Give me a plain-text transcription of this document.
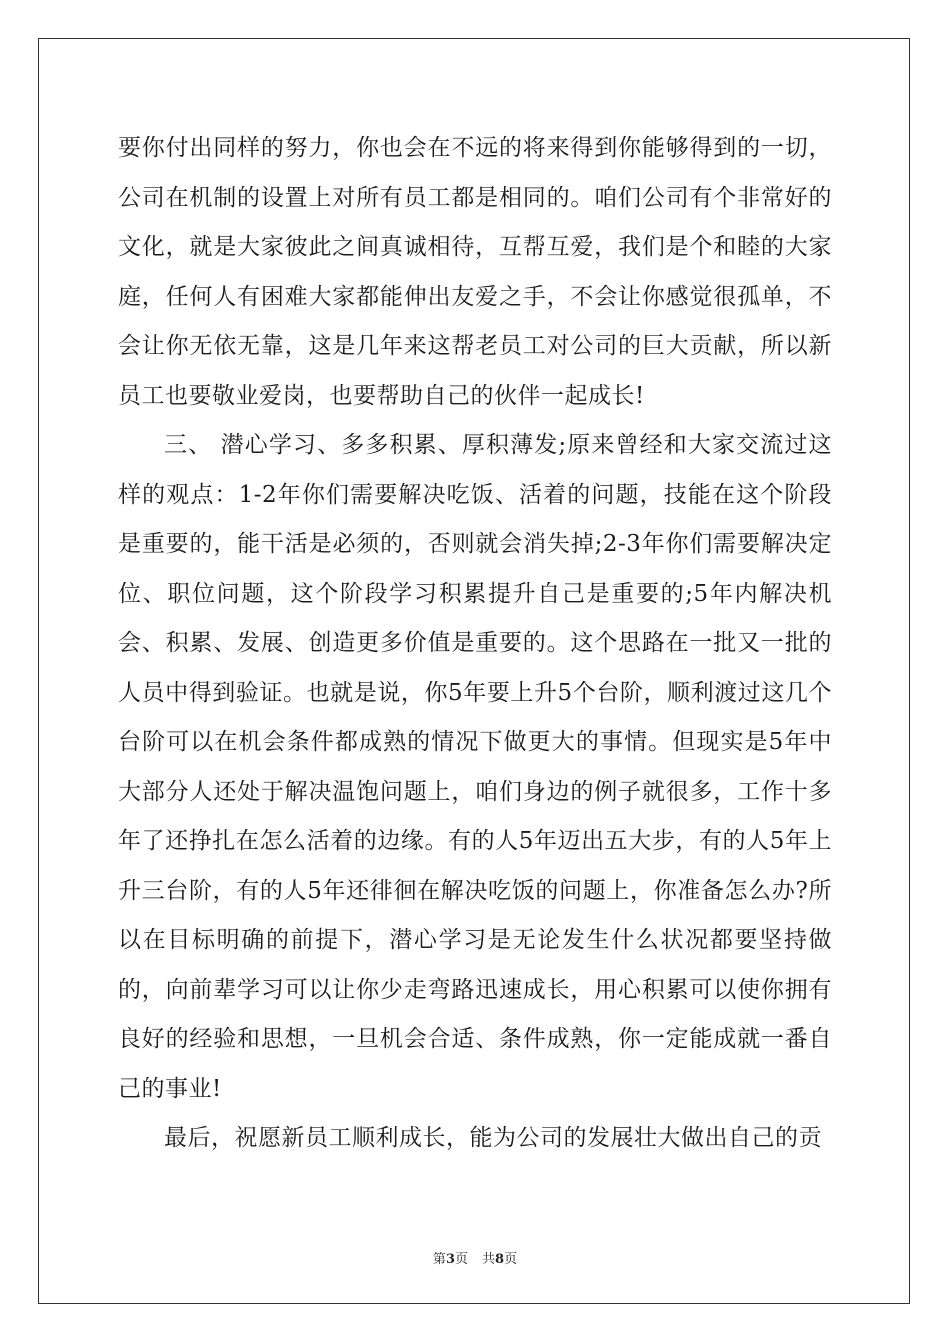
要你付出同样的努力，你也会在不远的将来得到你能够得到的一切，公司在机制的设置上对所有员工都是相同的。咱们公司有个非常好的文化，就是大家彼此之间真诚相待，互帮互爱，我们是个和睦的大家庭，任何人有困难大家都能伸出友爱之手，不会让你感觉很孤单，不会让你无依无靠，这是几年来这帮老员工对公司的巨大贡献，所以新员工也要敬业爱岗，也要帮助自己的伙伴一起成长!

三、 潜心学习、多多积累、厚积薄发;原来曾经和大家交流过这样的观点：1-2年你们需要解决吃饭、活着的问题，技能在这个阶段是重要的，能干活是必须的，否则就会消失掉;2-3年你们需要解决定位、职位问题，这个阶段学习积累提升自己是重要的;5年内解决机会、积累、发展、创造更多价值是重要的。这个思路在一批又一批的人员中得到验证。也就是说，你5年要上升5个台阶，顺利渡过这几个台阶可以在机会条件都成熟的情况下做更大的事情。但现实是5年中大部分人还处于解决温饱问题上，咱们身边的例子就很多，工作十多年了还挣扎在怎么活着的边缘。有的人5年迈出五大步，有的人5年上升三台阶，有的人5年还徘徊在解决吃饭的问题上，你准备怎么办?所以在目标明确的前提下，潜心学习是无论发生什么状况都要坚持做的，向前辈学习可以让你少走弯路迅速成长，用心积累可以使你拥有良好的经验和思想，一旦机会合适、条件成熟，你一定能成就一番自己的事业!

最后，祝愿新员工顺利成长，能为公司的发展壮大做出自己的贡

第3页 共8页
